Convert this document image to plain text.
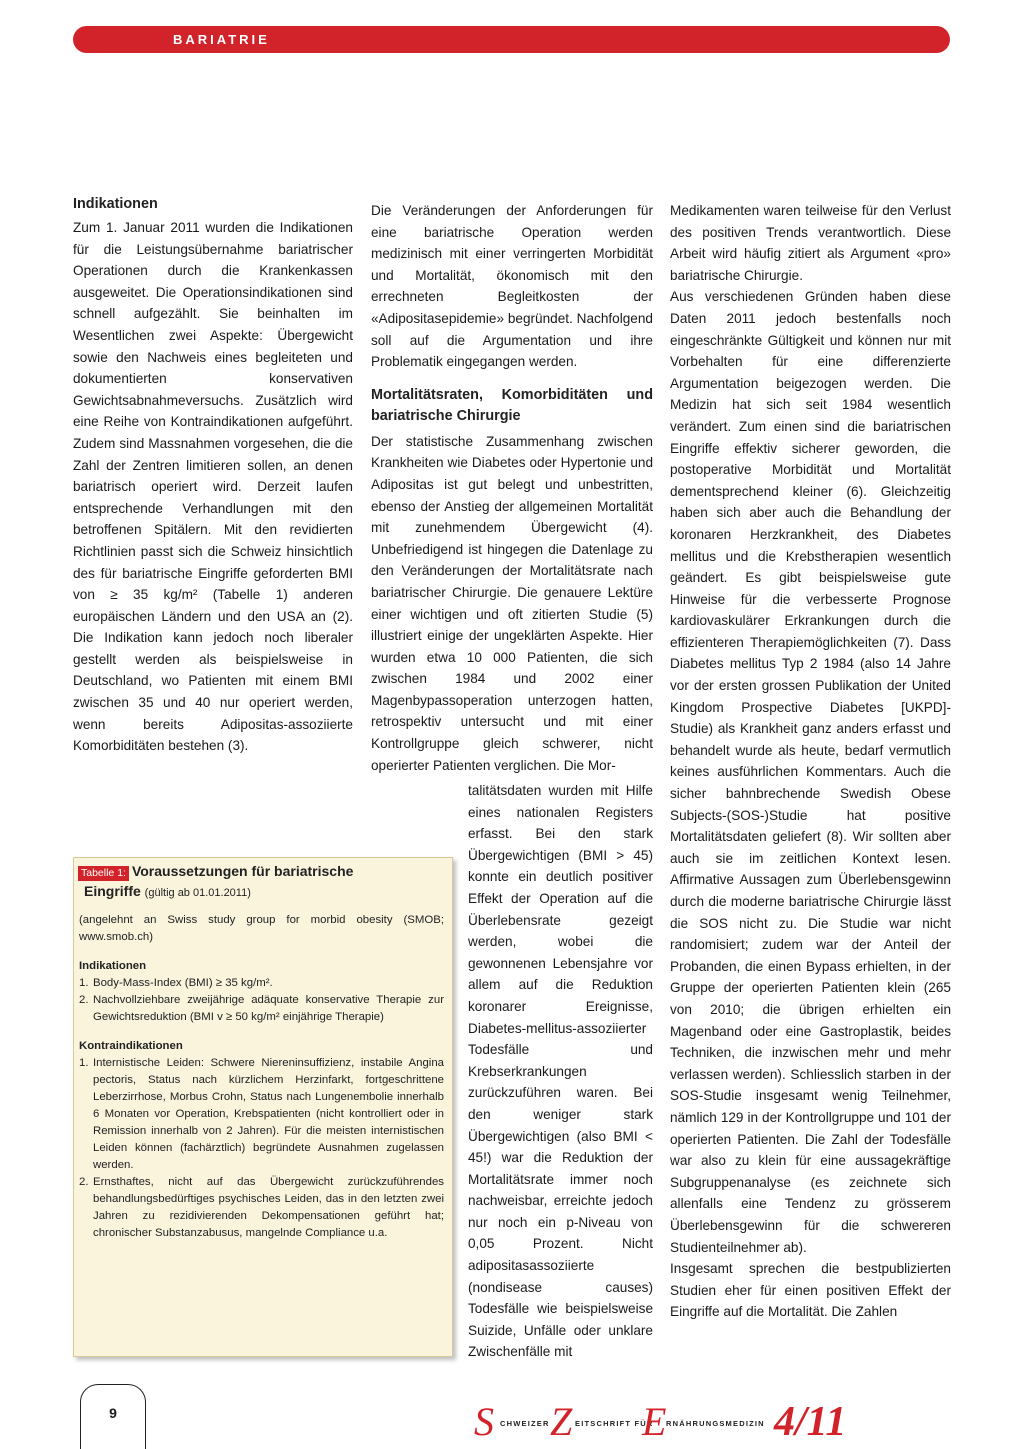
BARIATRIE
Indikationen

Zum 1. Januar 2011 wurden die Indikationen für die Leistungsübernahme bariatrischer Operationen durch die Krankenkassen ausgeweitet. Die Operationsindikationen sind schnell aufgezählt. Sie beinhalten im Wesentlichen zwei Aspekte: Übergewicht sowie den Nachweis eines begleiteten und dokumentierten konservativen Gewichtsabnahmeversuchs. Zusätzlich wird eine Reihe von Kontraindikationen aufgeführt. Zudem sind Massnahmen vorgesehen, die die Zahl der Zentren limitieren sollen, an denen bariatrisch operiert wird. Derzeit laufen entsprechende Verhandlungen mit den betroffenen Spitälern. Mit den revidierten Richtlinien passt sich die Schweiz hinsichtlich des für bariatrische Eingriffe geforderten BMI von ≥ 35 kg/m² (Tabelle 1) anderen europäischen Ländern und den USA an (2). Die Indikation kann jedoch noch liberaler gestellt werden als beispielsweise in Deutschland, wo Patienten mit einem BMI zwischen 35 und 40 nur operiert werden, wenn bereits Adipositas-assoziierte Komorbiditäten bestehen (3).

Die Veränderungen der Anforderungen für eine bariatrische Operation werden medizinisch mit einer verringerten Morbidität und Mortalität, ökonomisch mit den errechneten Begleitkosten der «Adipositasepidemie» begründet. Nachfolgend soll auf die Argumentation und ihre Problematik eingegangen werden.

Mortalitätsraten, Komorbiditäten und bariatrische Chirurgie

Der statistische Zusammenhang zwischen Krankheiten wie Diabetes oder Hypertonie und Adipositas ist gut belegt und unbestritten, ebenso der Anstieg der allgemeinen Mortalität mit zunehmendem Übergewicht (4). Unbefriedigend ist hingegen die Datenlage zu den Veränderungen der Mortalitätsrate nach bariatrischer Chirurgie. Die genauere Lektüre einer wichtigen und oft zitierten Studie (5) illustriert einige der ungeklärten Aspekte. Hier wurden etwa 10 000 Patienten, die sich zwischen 1984 und 2002 einer Magenbypassoperation unterzogen hatten, retrospektiv untersucht und mit einer Kontrollgruppe gleich schwerer, nicht operierter Patienten verglichen. Die Mor-

talitätsdaten wurden mit Hilfe eines nationalen Registers erfasst. Bei den stark Übergewichtigen (BMI > 45) konnte ein deutlich positiver Effekt der Operation auf die Überlebensrate gezeigt werden, wobei die gewonnenen Lebensjahre vor allem auf die Reduktion koronarer Ereignisse, Diabetes-mellitus-assoziierter Todesfälle und Krebserkrankungen zurückzuführen waren. Bei den weniger stark Übergewichtigen (also BMI < 45!) war die Reduktion der Mortalitätsrate immer noch nachweisbar, erreichte jedoch nur noch ein p-Niveau von 0,05 Prozent. Nicht adipositasassoziierte (nondisease causes) Todesfälle wie beispielsweise Suizide, Unfälle oder unklare Zwischenfälle mit

Medikamenten waren teilweise für den Verlust des positiven Trends verantwortlich. Diese Arbeit wird häufig zitiert als Argument «pro» bariatrische Chirurgie.

Aus verschiedenen Gründen haben diese Daten 2011 jedoch bestenfalls noch eingeschränkte Gültigkeit und können nur mit Vorbehalten für eine differenzierte Argumentation beigezogen werden. Die Medizin hat sich seit 1984 wesentlich verändert. Zum einen sind die bariatrischen Eingriffe effektiv sicherer geworden, die postoperative Morbidität und Mortalität dementsprechend kleiner (6). Gleichzeitig haben sich aber auch die Behandlung der koronaren Herzkrankheit, des Diabetes mellitus und die Krebstherapien wesentlich geändert. Es gibt beispielsweise gute Hinweise für die verbesserte Prognose kardiovaskulärer Erkrankungen durch die effizienteren Therapiemöglichkeiten (7). Dass Diabetes mellitus Typ 2 1984 (also 14 Jahre vor der ersten grossen Publikation der United Kingdom Prospective Diabetes [UKPD]-Studie) als Krankheit ganz anders erfasst und behandelt wurde als heute, bedarf vermutlich keines ausführlichen Kommentars. Auch die sicher bahnbrechende Swedish Obese Subjects-(SOS-)Studie hat positive Mortalitätsdaten geliefert (8). Wir sollten aber auch sie im zeitlichen Kontext lesen. Affirmative Aussagen zum Überlebensgewinn durch die moderne bariatrische Chirurgie lässt die SOS nicht zu. Die Studie war nicht randomisiert; zudem war der Anteil der Probanden, die einen Bypass erhielten, in der Gruppe der operierten Patienten klein (265 von 2010; die übrigen erhielten ein Magenband oder eine Gastroplastik, beides Techniken, die inzwischen mehr und mehr verlassen werden). Schliesslich starben in der SOS-Studie insgesamt wenig Teilnehmer, nämlich 129 in der Kontrollgruppe und 101 der operierten Patienten. Die Zahl der Todesfälle war also zu klein für eine aussagekräftige Subgruppenanalyse (es zeichnete sich allenfalls eine Tendenz zu grösserem Überlebensgewinn für die schwereren Studienteilnehmer ab).

Insgesamt sprechen die bestpublizierten Studien eher für einen positiven Effekt der Eingriffe auf die Mortalität. Die Zahlen

Tabelle 1: Voraussetzungen für bariatrische
Eingriffe (gültig ab 01.01.2011)

(angelehnt an Swiss study group for morbid obesity (SMOB; www.smob.ch)

Indikationen

1. Body-Mass-Index (BMI) ≥ 35 kg/m².
2. Nachvollziehbare zweijährige adäquate konservative Therapie zur Gewichtsreduktion (BMI v ≥ 50 kg/m² einjährige Therapie)

Kontraindikationen

1. Internistische Leiden: Schwere Niereninsuffizienz, instabile Angina pectoris, Status nach kürzlichem Herzinfarkt, fortgeschrittene Leberzirrhose, Morbus Crohn, Status nach Lungenembolie innerhalb 6 Monaten vor Operation, Krebspatienten (nicht kontrolliert oder in Remission innerhalb von 2 Jahren). Für die meisten internistischen Leiden können (fachärztlich) begründete Ausnahmen zugelassen werden.
2. Ernsthaftes, nicht auf das Übergewicht zurückzuführendes behandlungsbedürftiges psychisches Leiden, das in den letzten zwei Jahren zu rezidivierenden Dekompensationen geführt hat; chronischer Substanzabusus, mangelnde Compliance u.a.
9	S CHWEIZER Z EITSCHRIFT FÜR
E RNÄHRUNGSMEDIZIN 4/11
